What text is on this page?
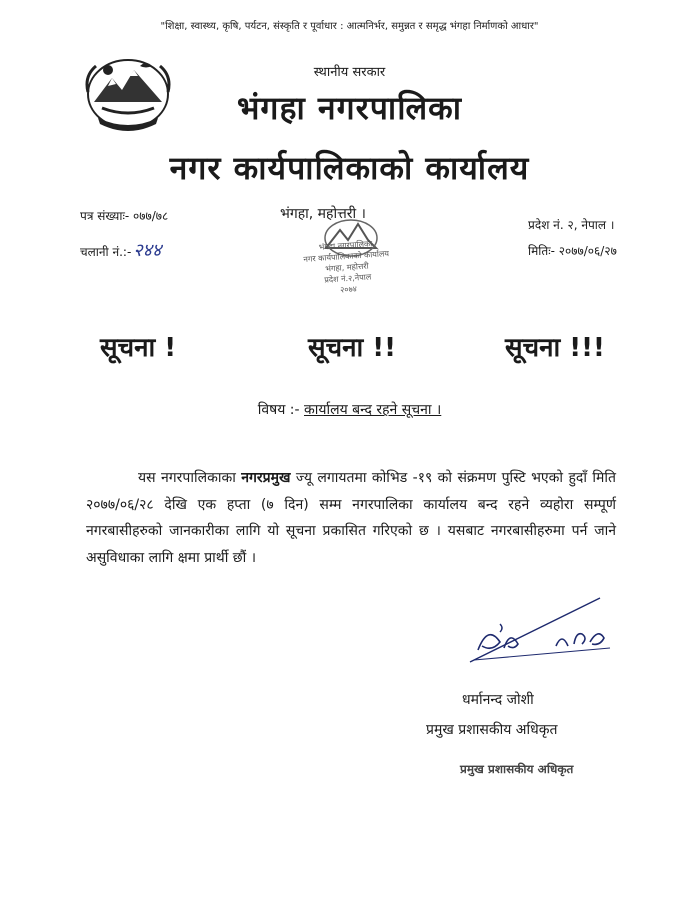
"शिक्षा, स्वास्थ्य, कृषि, पर्यटन, संस्कृति र पूर्वाधार : आत्मनिर्भर, समुन्नत र समृद्ध भंगहा निर्माणको आधार"
स्थानीय सरकार
भंगहा नगरपालिका
नगर कार्यपालिकाको कार्यालय
पत्र संख्याः- ०७७/७८
चलानी नं.:- २४४
भंगहा, महोत्तरी ।
प्रदेश नं. २, नेपाल ।
मितिः- २०७७/०६/२७
भंगहा नगरपालिका
नगर कार्यपालिकाको कार्यालय
भंगहा, महोत्तरी
प्रदेश नं.२,नेपाल
२०७४
सूचना !	सूचना !!	सूचना !!!
विषय :- कार्यालय बन्द रहने सूचना ।
यस नगरपालिकाका नगरप्रमुख ज्यू लगायतमा कोभिड -१९ को संक्रमण पुस्टि भएको हुदाँ मिति २०७७/०६/२८ देखि एक हप्ता (७ दिन) सम्म नगरपालिका कार्यालय बन्द रहने व्यहोरा सम्पूर्ण नगरबासीहरुको जानकारीका लागि यो सूचना प्रकासित गरिएको छ । यसबाट नगरबासीहरुमा पर्न जाने असुविधाका लागि क्षमा प्रार्थी छौं ।
धर्मानन्द जोशी
प्रमुख प्रशासकीय अधिकृत
प्रमुख प्रशासकीय अधिकृत
